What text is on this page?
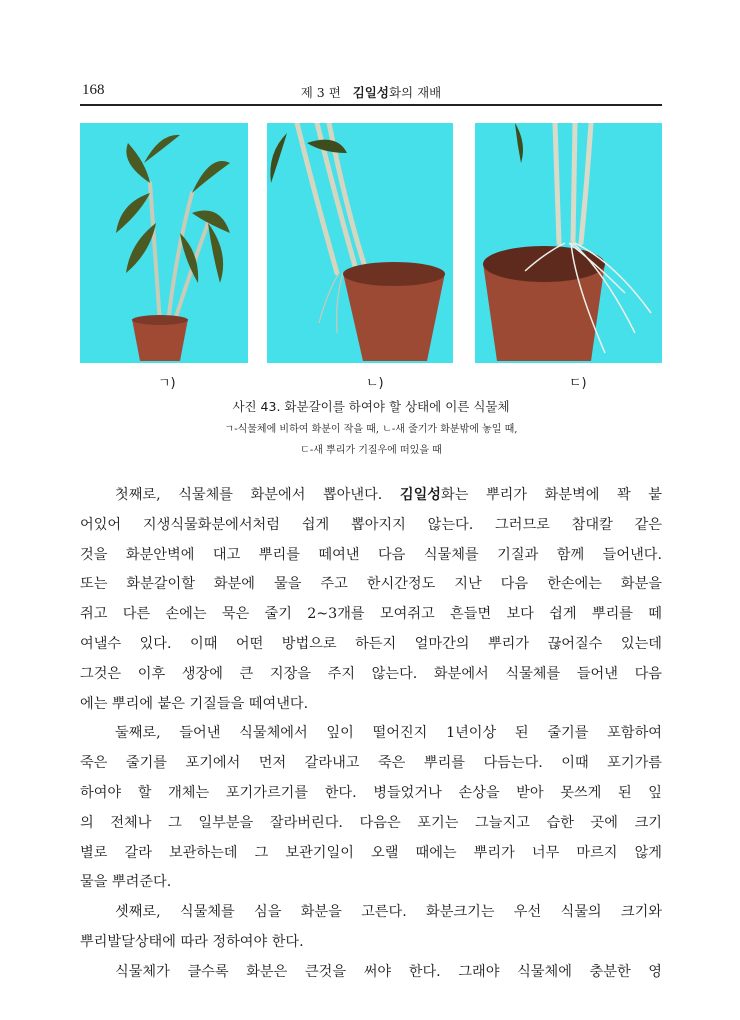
168	제 3 편 김일성화의 재배
ㄱ)	ㄴ)	ㄷ)
사진 43. 화분갈이를 하여야 할 상태에 이른 식물체
ㄱ-식물체에 비하여 화분이 작을 때, ㄴ-새 줄기가 화분밖에 놓일 때,
ㄷ-새 뿌리가 기질우에 떠있을 때
첫째로, 식물체를 화분에서 뽑아낸다. 김일성화는 뿌리가 화분벽에 꽉 붙
어있어 지생식물화분에서처럼 쉽게 뽑아지지 않는다. 그러므로 참대칼 같은
것을 화분안벽에 대고 뿌리를 떼여낸 다음 식물체를 기질과 함께 들어낸다.
또는 화분갈이할 화분에 물을 주고 한시간정도 지난 다음 한손에는 화분을
쥐고 다른 손에는 묵은 줄기 2~3개를 모여쥐고 흔들면 보다 쉽게 뿌리를 떼
여낼수 있다. 이때 어떤 방법으로 하든지 얼마간의 뿌리가 끊어질수 있는데
그것은 이후 생장에 큰 지장을 주지 않는다. 화분에서 식물체를 들어낸 다음
에는 뿌리에 붙은 기질들을 떼여낸다.
둘째로, 들어낸 식물체에서 잎이 떨어진지 1년이상 된 줄기를 포함하여
죽은 줄기를 포기에서 먼저 갈라내고 죽은 뿌리를 다듬는다. 이때 포기가름
하여야 할 개체는 포기가르기를 한다. 병들었거나 손상을 받아 못쓰게 된 잎
의 전체나 그 일부분을 잘라버린다. 다음은 포기는 그늘지고 습한 곳에 크기
별로 갈라 보관하는데 그 보관기일이 오랠 때에는 뿌리가 너무 마르지 않게
물을 뿌려준다.
셋째로, 식물체를 심을 화분을 고른다. 화분크기는 우선 식물의 크기와
뿌리발달상태에 따라 정하여야 한다.
식물체가 클수록 화분은 큰것을 써야 한다. 그래야 식물체에 충분한 영
